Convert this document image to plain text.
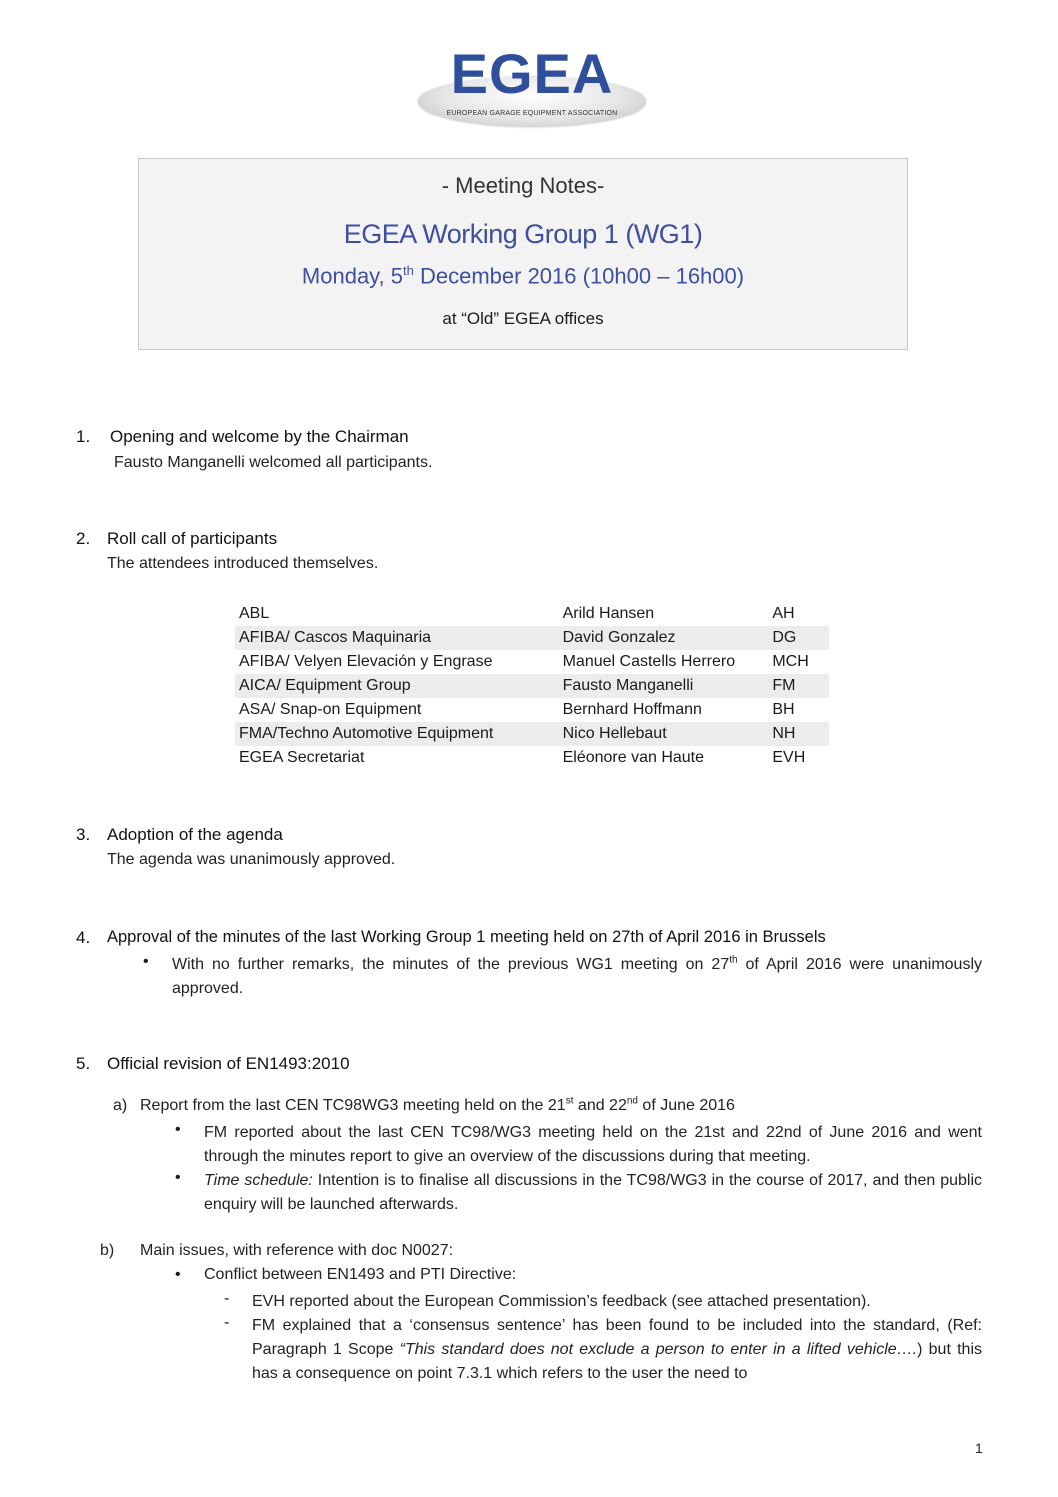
EGEA
EUROPEAN GARAGE EQUIPMENT ASSOCIATION
- Meeting Notes-
EGEA Working Group 1 (WG1)
Monday, 5th December 2016 (10h00 – 16h00)
at “Old” EGEA offices
1. Opening and welcome by the Chairman
Fausto Manganelli welcomed all participants.
2. Roll call of participants
The attendees introduced themselves.
ABL	Arild Hansen	AH
AFIBA/ Cascos Maquinaria	David Gonzalez	DG
AFIBA/ Velyen Elevación y Engrase	Manuel Castells Herrero	MCH
AICA/ Equipment Group	Fausto Manganelli	FM
ASA/ Snap-on Equipment	Bernhard Hoffmann	BH
FMA/Techno Automotive Equipment	Nico Hellebaut	NH
EGEA Secretariat	Eléonore van Haute	EVH
3. Adoption of the agenda
The agenda was unanimously approved.
4. Approval of the minutes of the last Working Group 1 meeting held on 27th of April 2016 in Brussels
• With no further remarks, the minutes of the previous WG1 meeting on 27th of April 2016 were unanimously approved.
5. Official revision of EN1493:2010
a) Report from the last CEN TC98WG3 meeting held on the 21st and 22nd of June 2016
• FM reported about the last CEN TC98/WG3 meeting held on the 21st and 22nd of June 2016 and went through the minutes report to give an overview of the discussions during that meeting.
• Time schedule: Intention is to finalise all discussions in the TC98/WG3 in the course of 2017, and then public enquiry will be launched afterwards.
b) Main issues, with reference with doc N0027:
• Conflict between EN1493 and PTI Directive:
- EVH reported about the European Commission’s feedback (see attached presentation).
- FM explained that a ‘consensus sentence’ has been found to be included into the standard, (Ref: Paragraph 1 Scope “This standard does not exclude a person to enter in a lifted vehicle….) but this has a consequence on point 7.3.1 which refers to the user the need to
1
